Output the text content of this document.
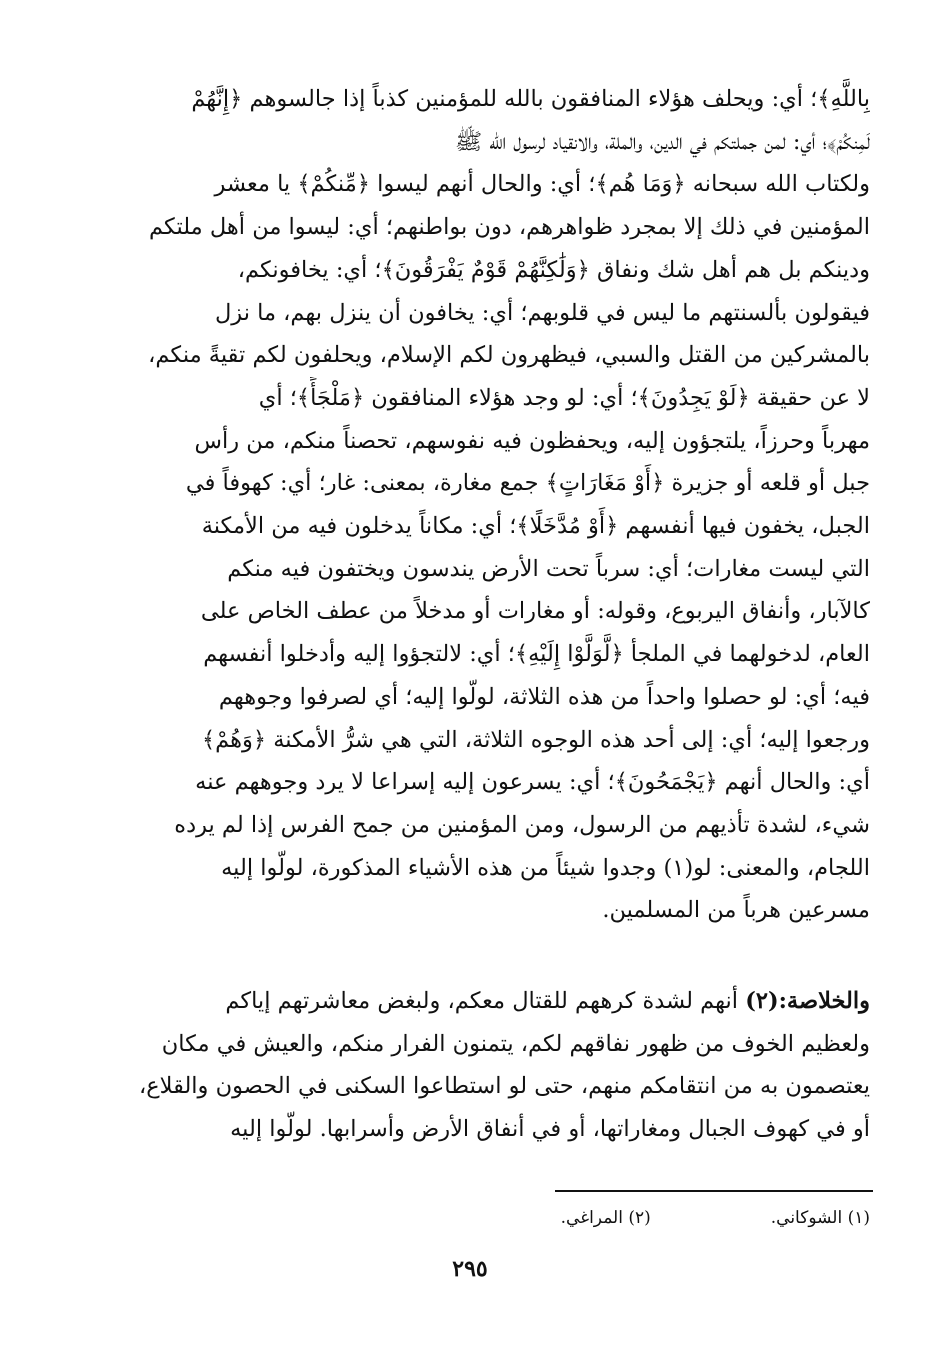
بِاللَّهِ﴾؛ أي: ويحلف هؤلاء المنافقون بالله للمؤمنين كذباً إذا جالسوهم ﴿إِنَّهُمْ
لَمِنكُمْ﴾؛ أي: لمن جملتكم في الدين، والملة، والانقياد لرسول الله ﷺ
ولكتاب الله سبحانه ﴿وَمَا هُم﴾؛ أي: والحال أنهم ليسوا ﴿مِّنكُمْ﴾ يا معشر
المؤمنين في ذلك إلا بمجرد ظواهرهم، دون بواطنهم؛ أي: ليسوا من أهل ملتكم
ودينكم بل هم أهل شك ونفاق ﴿وَلَٰكِنَّهُمْ قَوْمٌ يَفْرَقُونَ﴾؛ أي: يخافونكم،
فيقولون بألسنتهم ما ليس في قلوبهم؛ أي: يخافون أن ينزل بهم، ما نزل
بالمشركين من القتل والسبي، فيظهرون لكم الإسلام، ويحلفون لكم تقيةً منكم،
لا عن حقيقة ﴿لَوْ يَجِدُونَ﴾؛ أي: لو وجد هؤلاء المنافقون ﴿مَلْجَأً﴾؛ أي
مهرباً وحرزاً، يلتجؤون إليه، ويحفظون فيه نفوسهم، تحصناً منكم، من رأس
جبل أو قلعه أو جزيرة ﴿أَوْ مَغَارَاتٍ﴾ جمع مغارة، بمعنى: غار؛ أي: كهوفاً في
الجبل، يخفون فيها أنفسهم ﴿أَوْ مُدَّخَلًا﴾؛ أي: مكاناً يدخلون فيه من الأمكنة
التي ليست مغارات؛ أي: سرباً تحت الأرض يندسون ويختفون فيه منكم
كالآبار، وأنفاق اليربوع، وقوله: أو مغارات أو مدخلاً من عطف الخاص على
العام، لدخولهما في الملجأ ﴿لَّوَلَّوْا إِلَيْهِ﴾؛ أي: لالتجؤوا إليه وأدخلوا أنفسهم
فيه؛ أي: لو حصلوا واحداً من هذه الثلاثة، لولّوا إليه؛ أي لصرفوا وجوههم
ورجعوا إليه؛ أي: إلى أحد هذه الوجوه الثلاثة، التي هي شرُّ الأمكنة ﴿وَهُمْ﴾
أي: والحال أنهم ﴿يَجْمَحُونَ﴾؛ أي: يسرعون إليه إسراعا لا يرد وجوههم عنه
شيء، لشدة تأذيهم من الرسول، ومن المؤمنين من جمح الفرس إذا لم يرده
اللجام، والمعنى: لو(١) وجدوا شيئاً من هذه الأشياء المذكورة، لولّوا إليه
مسرعين هرباً من المسلمين.
والخلاصة:(٢) أنهم لشدة كرههم للقتال معكم، ولبغض معاشرتهم إياكم
ولعظيم الخوف من ظهور نفاقهم لكم، يتمنون الفرار منكم، والعيش في مكان
يعتصمون به من انتقامكم منهم، حتى لو استطاعوا السكنى في الحصون والقلاع،
أو في كهوف الجبال ومغاراتها، أو في أنفاق الأرض وأسرابها. لولّوا إليه
(١) الشوكاني.
(٢) المراغي.
٢٩٥
